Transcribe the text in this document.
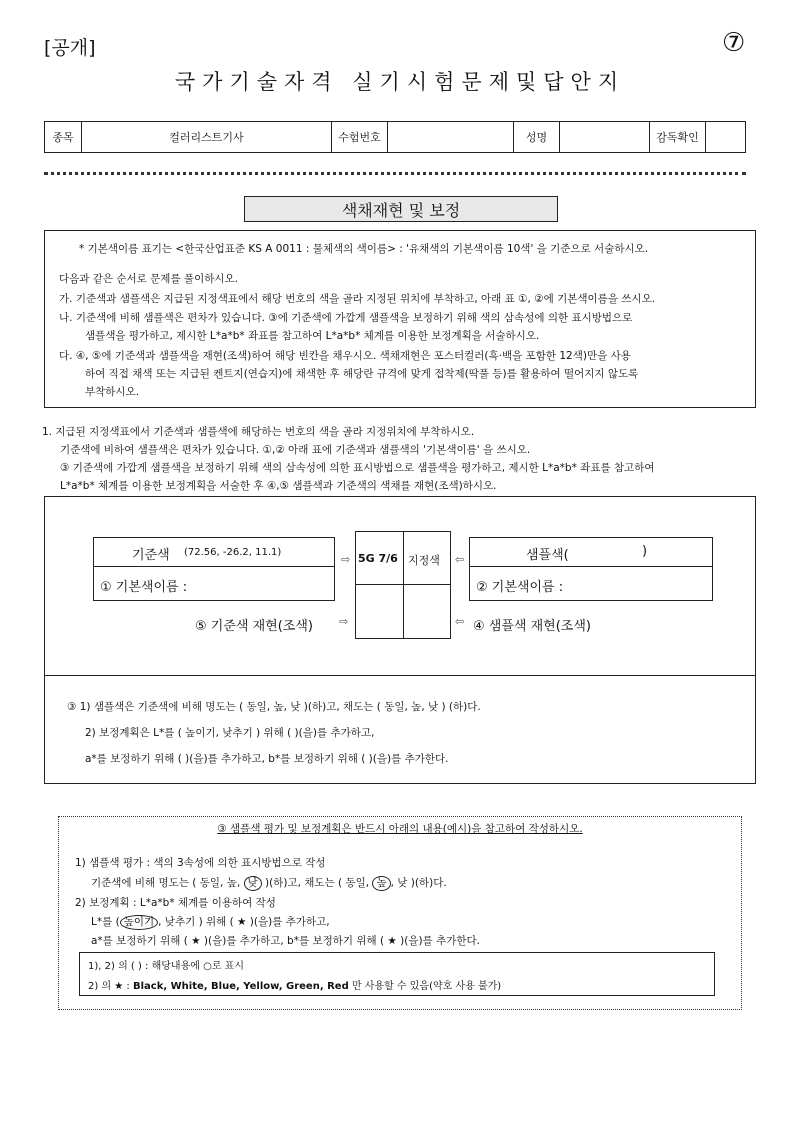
[공개]	⑦
국가기술자격 실기시험문제및답안지
종목	컬러리스트기사	수험번호	성명	감독확인
색채재현 및 보정
* 기본색이름 표기는 <한국산업표준 KS A 0011 : 물체색의 색이름> : '유채색의 기본색이름 10색' 을 기준으로 서술하시오.
다음과 같은 순서로 문제를 풀이하시오.
가. 기준색과 샘플색은 지급된 지정색표에서 해당 번호의 색을 골라 지정된 위치에 부착하고, 아래 표 ①, ②에 기본색이름을 쓰시오.
나. 기준색에 비해 샘플색은 편차가 있습니다. ③에 기준색에 가깝게 샘플색을 보정하기 위해 색의 삼속성에 의한 표시방법으로
샘플색을 평가하고, 제시한 L*a*b* 좌표를 참고하여 L*a*b* 체계를 이용한 보정계획을 서술하시오.
다. ④, ⑤에 기준색과 샘플색을 재현(조색)하여 해당 빈칸을 채우시오. 색채재현은 포스터컬러(흑·백을 포함한 12색)만을 사용
하여 직접 채색 또는 지급된 켄트지(연습지)에 채색한 후 해당란 규격에 맞게 접착제(딱풀 등)를 활용하여 떨어지지 않도록
부착하시오.
1. 지급된 지정색표에서 기준색과 샘플색에 해당하는 번호의 색을 골라 지정위치에 부착하시오.
기준색에 비하여 샘플색은 편차가 있습니다. ①,② 아래 표에 기준색과 샘플색의 '기본색이름' 을 쓰시오.
③ 기준색에 가깝게 샘플색을 보정하기 위해 색의 삼속성에 의한 표시방법으로 샘플색을 평가하고, 제시한 L*a*b* 좌표를 참고하여
L*a*b* 체계를 이용한 보정계획을 서술한 후 ④,⑤ 샘플색과 기준색의 색채를 재현(조색)하시오.
기준색 (72.56, -26.2, 11.1)
① 기본색이름 :
⇨ 5G 7/6 지정색 ⇦	샘플색(	)
② 기본색이름 :
⑤ 기준색 재현(조색) ⇨	⇦ ④ 샘플색 재현(조색)
③ 1) 샘플색은 기준색에 비해 명도는 ( 동일, 높, 낮 )(하)고, 채도는 ( 동일, 높, 낮 ) (하)다.
2) 보정계획은 L*를 ( 높이기, 낮추기 ) 위해 ( )(을)를 추가하고,
a*를 보정하기 위해 ( )(을)를 추가하고, b*를 보정하기 위해 ( )(을)를 추가한다.
③ 샘플색 평가 및 보정계획은 반드시 아래의 내용(예시)을 참고하여 작성하시오.
1) 샘플색 평가 : 색의 3속성에 의한 표시방법으로 작성
기준색에 비해 명도는 ( 동일, 높, 낮 )(하)고, 채도는 ( 동일, 높 , 낮 )(하)다.
2) 보정계획 : L*a*b* 체계를 이용하여 작성
L*를 ( 높이기 , 낮추기 ) 위해 ( ★ )(을)를 추가하고,
a*를 보정하기 위해 ( ★ )(을)를 추가하고, b*를 보정하기 위해 ( ★ )(을)를 추가한다.
1), 2) 의 ( ) : 해당내용에 ○로 표시
2) 의 ★ : Black, White, Blue, Yellow, Green, Red 만 사용할 수 있음(약호 사용 불가)
